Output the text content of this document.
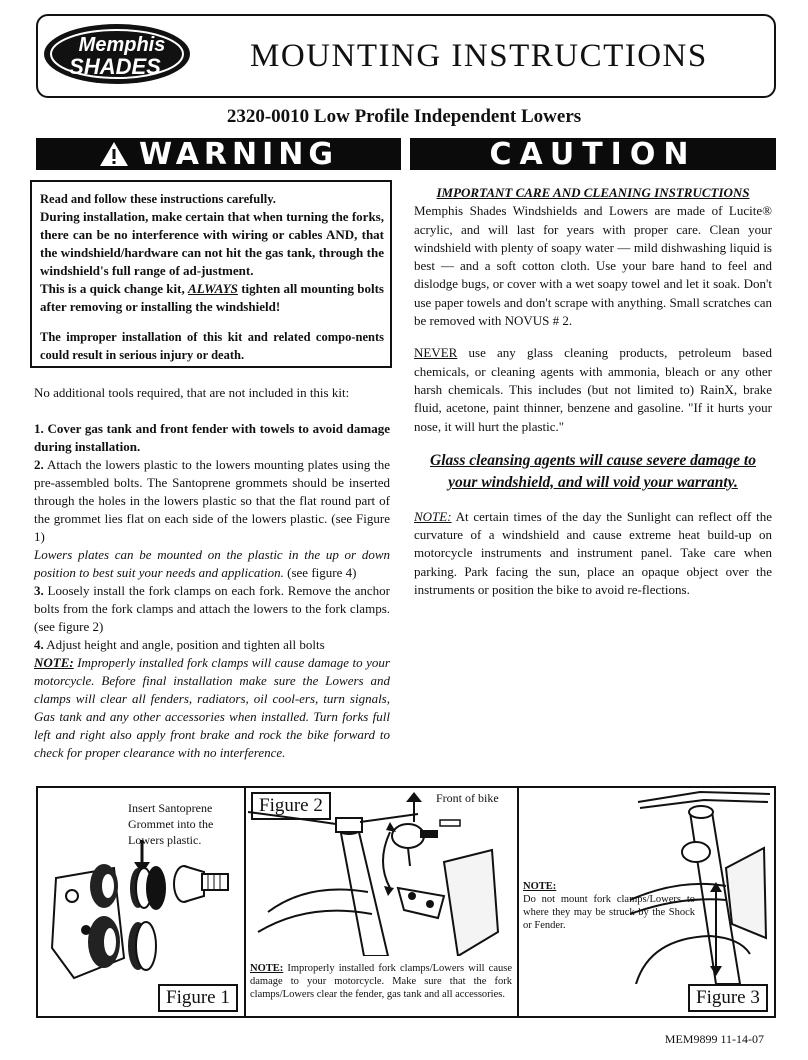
Memphis
SHADES	MOUNTING INSTRUCTIONS
2320-0010 Low Profile Independent Lowers
WARNING	CAUTION

Read and follow these instructions carefully.

During installation, make certain that when turning the forks, there can be no interference with wiring or cables AND, that the windshield/hardware can not hit the gas tank, through the windshield's full range of ad-justment.

This is a quick change kit, ALWAYS tighten all mounting bolts after removing or installing the windshield!

The improper installation of this kit and related compo-nents could result in serious injury or death.

No additional tools required, that are not included in this kit:

1. Cover gas tank and front fender with towels to avoid damage during installation.

2. Attach the lowers plastic to the lowers mounting plates using the pre-assembled bolts. The Santoprene grommets should be inserted through the holes in the lowers plastic so that the flat round part of the grommet lies flat on each side of the lowers plastic. (see Figure 1)

Lowers plates can be mounted on the plastic in the up or down position to best suit your needs and application. (see figure 4)

3. Loosely install the fork clamps on each fork. Remove the anchor bolts from the fork clamps and attach the lowers to the fork clamps. (see figure 2)

4. Adjust height and angle, position and tighten all bolts

NOTE: Improperly installed fork clamps will cause damage to your motorcycle. Before final installation make sure the Lowers and clamps will clear all fenders, radiators, oil cool-ers, turn signals, Gas tank and any other accessories when installed. Turn forks full left and right also apply front brake and rock the bike forward to check for proper clearance with no interference.

IMPORTANT CARE AND CLEANING INSTRUCTIONS

Memphis Shades Windshields and Lowers are made of Lucite® acrylic, and will last for years with proper care. Clean your windshield with plenty of soapy water — mild dishwashing liquid is best — and a soft cotton cloth. Use your bare hand to feel and dislodge bugs, or cover with a wet soapy towel and let it soak. Don't use paper towels and don't scrape with anything. Small scratches can be removed with NOVUS # 2.

NEVER use any glass cleaning products, petroleum based chemicals, or cleaning agents with ammonia, bleach or any other harsh chemicals. This includes (but not limited to) RainX, brake fluid, acetone, paint thinner, benzene and gasoline. "If it hurts your nose, it will hurt the plastic."

Glass cleansing agents will cause severe damage to your windshield, and will void your warranty.

NOTE: At certain times of the day the Sunlight can reflect off the curvature of a windshield and cause extreme heat build-up on motorcycle instruments and instrument panel. Take care when parking. Park facing the sun, place an opaque object over the instruments or position the bike to avoid re-flections.

Insert Santoprene Grommet into the Lowers plastic.
Figure 1
Figure 2	Front of bike
NOTE: Improperly installed fork clamps/Lowers will cause damage to your motorcycle. Make sure that the fork clamps/Lowers clear the fender, gas tank and all accessories.
NOTE:
Do not mount fork clamps/Lowers to where they may be struck by the Shock or Fender.
Figure 3
MEM9899 11-14-07
